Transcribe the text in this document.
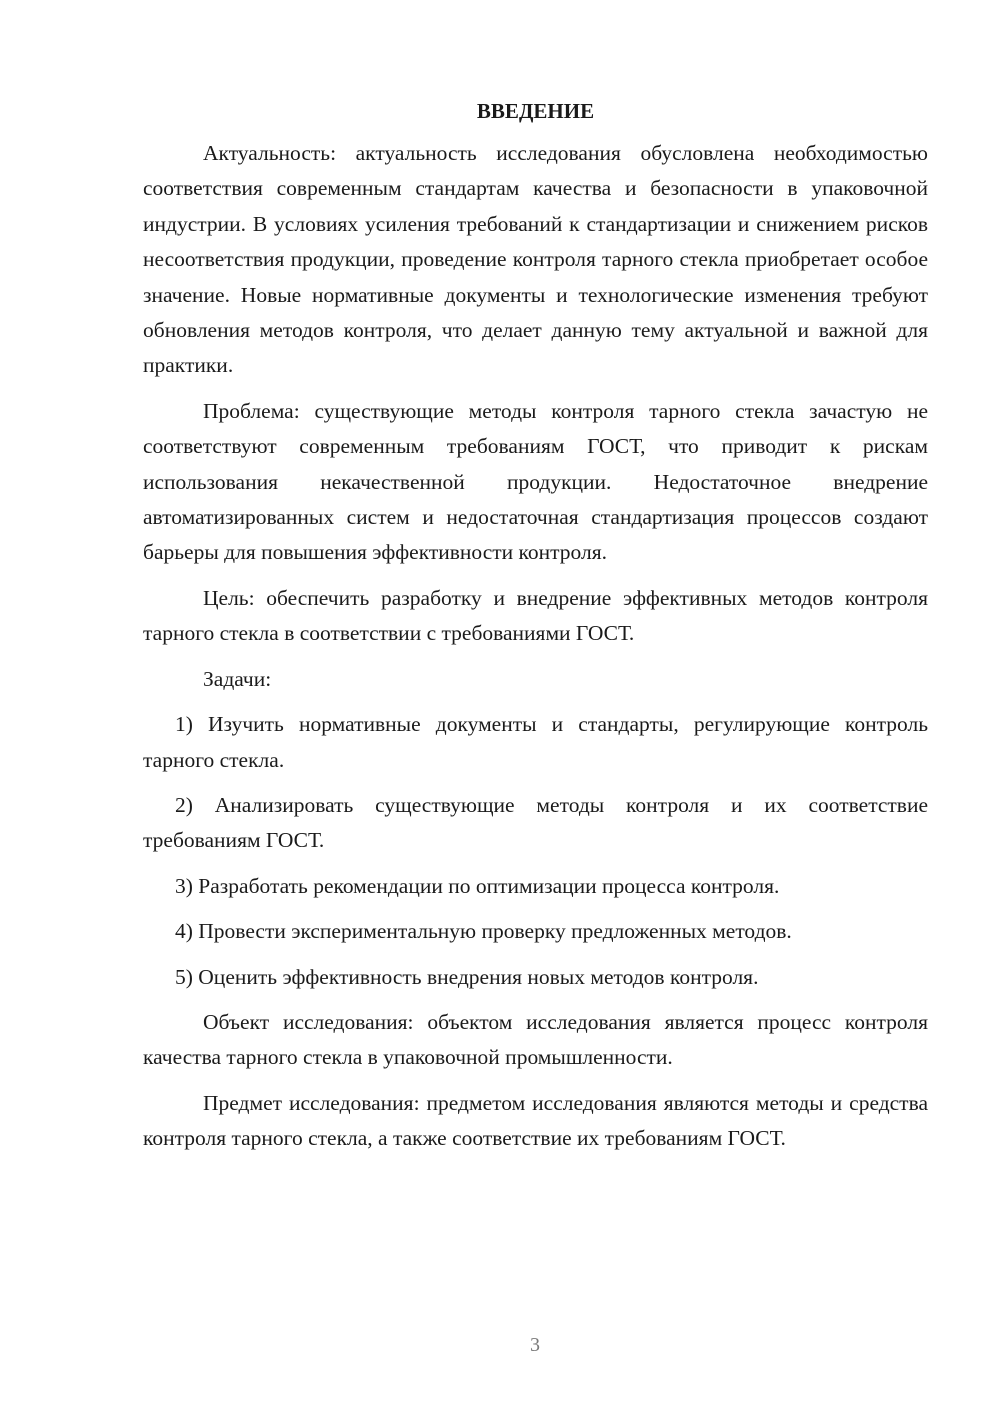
ВВЕДЕНИЕ

Актуальность: актуальность исследования обусловлена необходимостью соответствия современным стандартам качества и безопасности в упаковочной индустрии. В условиях усиления требований к стандартизации и снижением рисков несоответствия продукции, проведение контроля тарного стекла приобретает особое значение. Новые нормативные документы и технологические изменения требуют обновления методов контроля, что делает данную тему актуальной и важной для практики.

Проблема: существующие методы контроля тарного стекла зачастую не соответствуют современным требованиям ГОСТ, что приводит к рискам использования некачественной продукции. Недостаточное внедрение автоматизированных систем и недостаточная стандартизация процессов создают барьеры для повышения эффективности контроля.

Цель: обеспечить разработку и внедрение эффективных методов контроля тарного стекла в соответствии с требованиями ГОСТ.

Задачи:

1) Изучить нормативные документы и стандарты, регулирующие контроль тарного стекла.

2) Анализировать существующие методы контроля и их соответствие требованиям ГОСТ.

3) Разработать рекомендации по оптимизации процесса контроля.

4) Провести экспериментальную проверку предложенных методов.

5) Оценить эффективность внедрения новых методов контроля.

Объект исследования: объектом исследования является процесс контроля качества тарного стекла в упаковочной промышленности.

Предмет исследования: предметом исследования являются методы и средства контроля тарного стекла, а также соответствие их требованиям ГОСТ.

3
